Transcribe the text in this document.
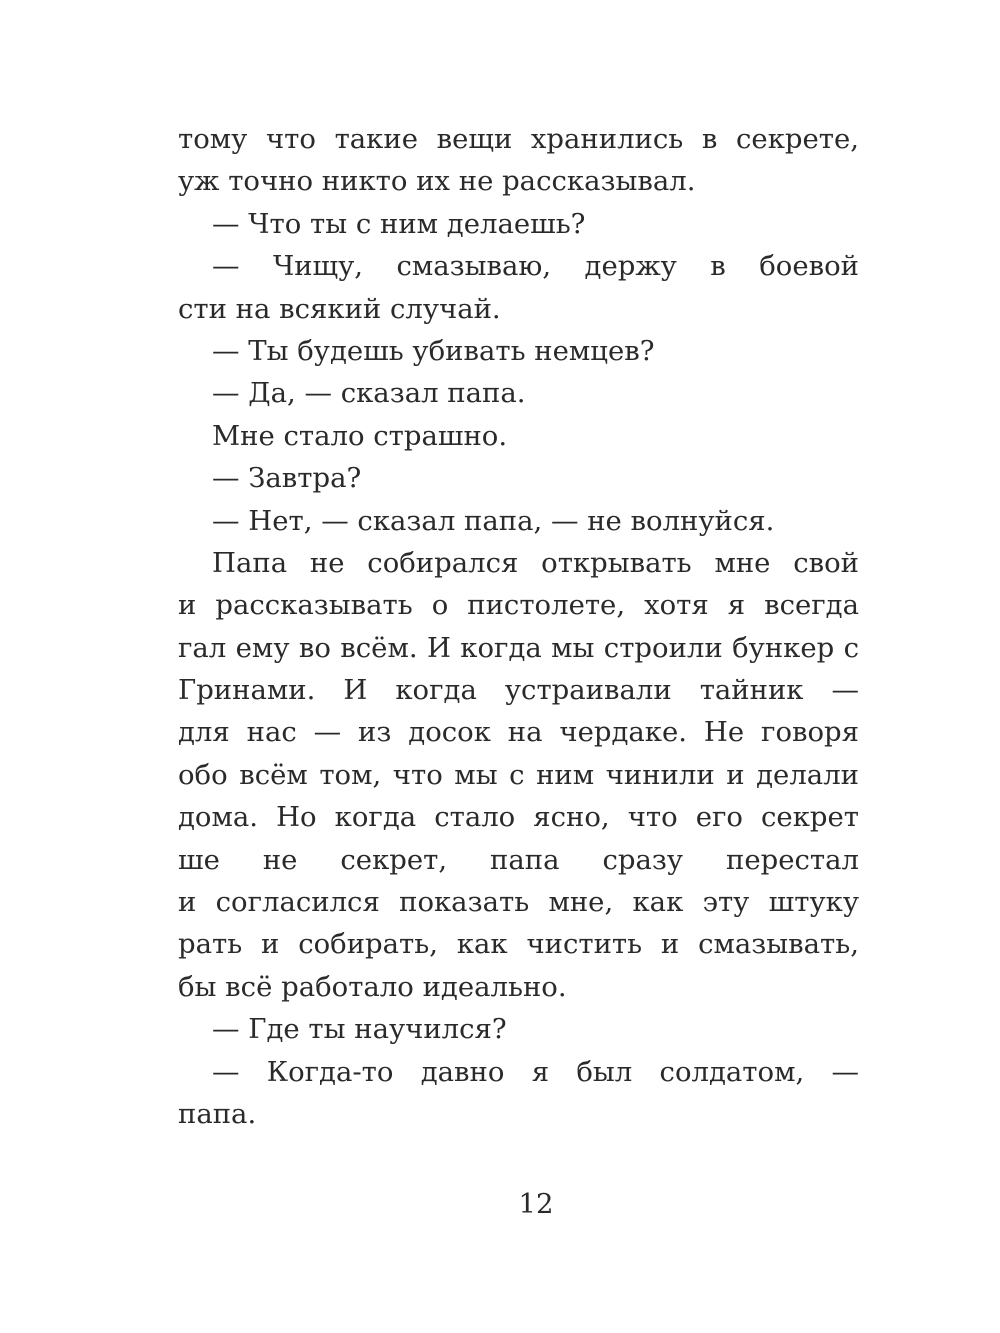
тому что такие вещи хранились в секрете,
уж точно никто их не рассказывал.
— Что ты с ним делаешь?
— Чищу, смазываю, держу в боевой
сти на всякий случай.
— Ты будешь убивать немцев?
— Да, — сказал папа.
Мне стало страшно.
— Завтра?
— Нет, — сказал папа, — не волнуйся.
Папа не собирался открывать мне свой
и рассказывать о пистолете, хотя я всегда
гал ему во всём. И когда мы строили бункер с
Гринами. И когда устраивали тайник —
для нас — из досок на чердаке. Не говоря
обо всём том, что мы с ним чинили и делали
дома. Но когда стало ясно, что его секрет
ше не секрет, папа сразу перестал
и согласился показать мне, как эту штуку
рать и собирать, как чистить и смазывать,
бы всё работало идеально.
— Где ты научился?
— Когда-то давно я был солдатом, —
папа.
12
